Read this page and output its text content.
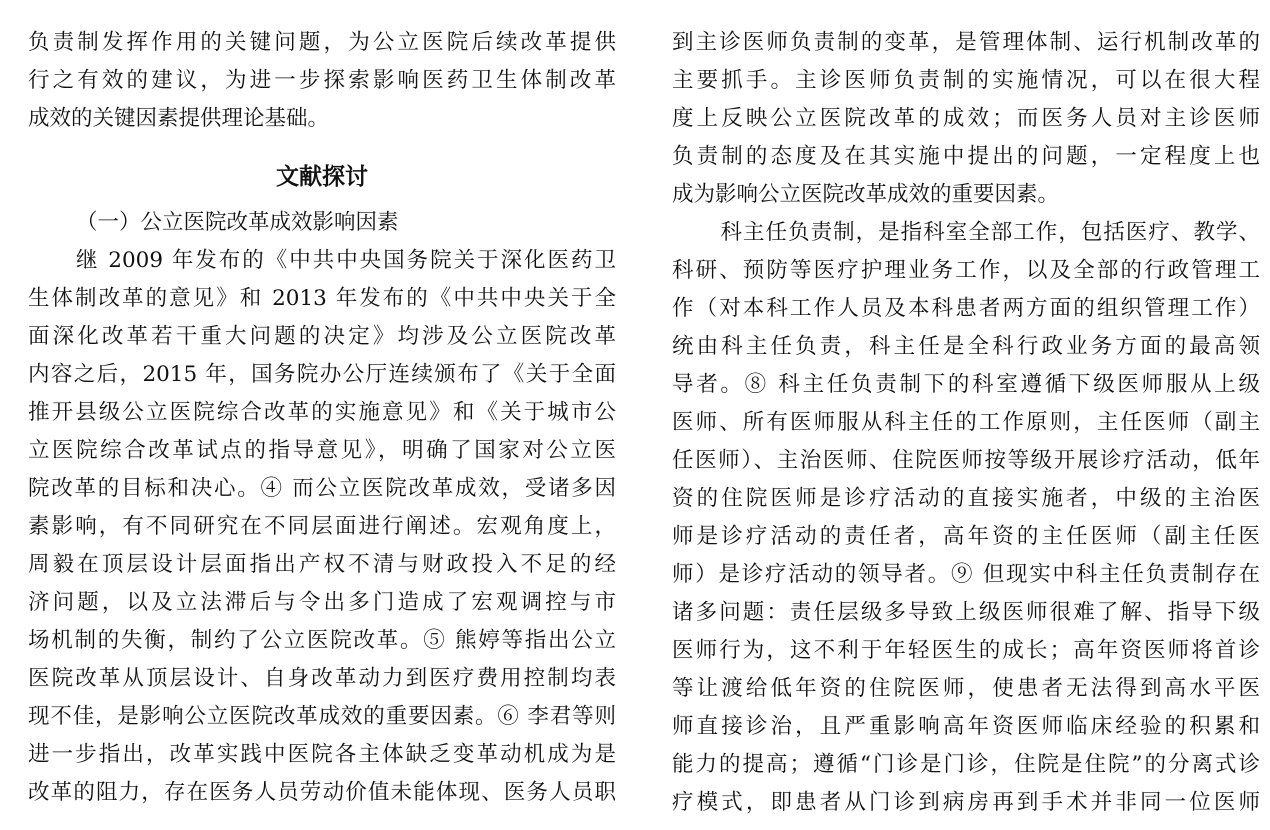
负责制发挥作用的关键问题，为公立医院后续改革提供
行之有效的建议，为进一步探索影响医药卫生体制改革
成效的关键因素提供理论基础。
文献探讨
（一）公立医院改革成效影响因素
继 2009 年发布的《中共中央国务院关于深化医药卫
生体制改革的意见》和 2013 年发布的《中共中央关于全
面深化改革若干重大问题的决定》均涉及公立医院改革
内容之后，2015 年，国务院办公厅连续颁布了《关于全面
推开县级公立医院综合改革的实施意见》和《关于城市公
立医院综合改革试点的指导意见》，明确了国家对公立医
院改革的目标和决心。④ 而公立医院改革成效，受诸多因
素影响，有不同研究在不同层面进行阐述。宏观角度上，
周毅在顶层设计层面指出产权不清与财政投入不足的经
济问题，以及立法滞后与令出多门造成了宏观调控与市
场机制的失衡，制约了公立医院改革。⑤ 熊婷等指出公立
医院改革从顶层设计、自身改革动力到医疗费用控制均表
现不佳，是影响公立医院改革成效的重要因素。⑥ 李君等则
进一步指出，改革实践中医院各主体缺乏变革动机成为是
改革的阻力，存在医务人员劳动价值未能体现、医务人员职
到主诊医师负责制的变革，是管理体制、运行机制改革的
主要抓手。主诊医师负责制的实施情况，可以在很大程
度上反映公立医院改革的成效；而医务人员对主诊医师
负责制的态度及在其实施中提出的问题，一定程度上也
成为影响公立医院改革成效的重要因素。
　科主任负责制，是指科室全部工作，包括医疗、教学、
科研、预防等医疗护理业务工作，以及全部的行政管理工
作（对本科工作人员及本科患者两方面的组织管理工作）
统由科主任负责，科主任是全科行政业务方面的最高领
导者。⑧ 科主任负责制下的科室遵循下级医师服从上级
医师、所有医师服从科主任的工作原则，主任医师（副主
任医师）、主治医师、住院医师按等级开展诊疗活动，低年
资的住院医师是诊疗活动的直接实施者，中级的主治医
师是诊疗活动的责任者，高年资的主任医师（副主任医
师）是诊疗活动的领导者。⑨ 但现实中科主任负责制存在
诸多问题：责任层级多导致上级医师很难了解、指导下级
医师行为，这不利于年轻医生的成长；高年资医师将首诊
等让渡给低年资的住院医师，使患者无法得到高水平医
师直接诊治，且严重影响高年资医师临床经验的积累和
能力的提高；遵循“门诊是门诊，住院是住院”的分离式诊
疗模式，即患者从门诊到病房再到手术并非同一位医师
